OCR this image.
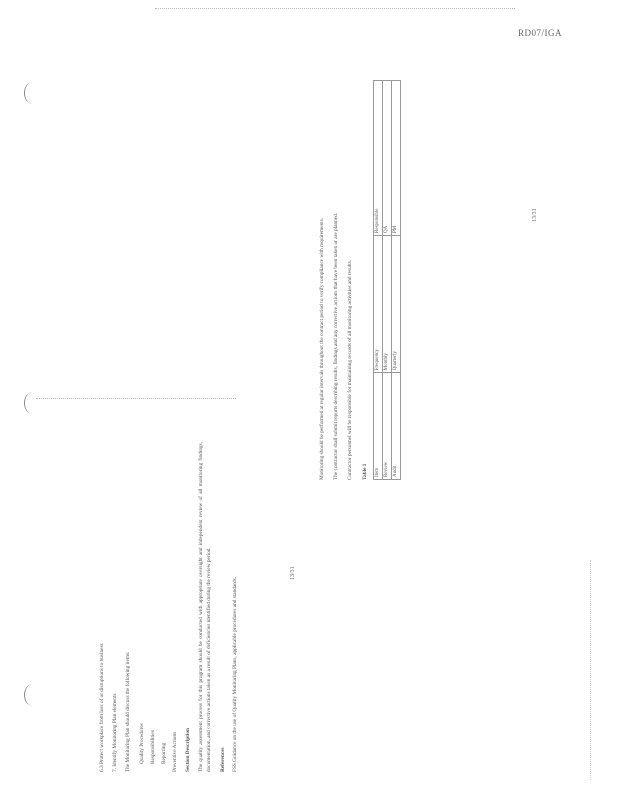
RD07/IGA
6.3 Protect workplace from loss of or disruptions to business 7. Identify Monitoring Plan elements The Monitoring Plan should discuss the following items: Quality Procedures Responsibilities Reporting Preventive Actions Section Description The quality assessment process for this program should be conducted with appropriate oversight and independent review of all monitoring findings, documentation, and corrective actions taken as a result of deficiencies identified during the review period. References FSS Guidance on the use of Quality Monitoring Plans, applicable procedures and standards.

13/31

Monitoring should be performed at regular intervals throughout the contract period to verify compliance with requirements. The contractor shall submit reports describing results, findings and any corrective actions that have been taken or are planned. Contractor personnel will be responsible for maintaining records of all monitoring activities and results. Table 1 Item	Frequency	Responsible
Review	Monthly	QA
Audit	Quarterly	PM
13/31
